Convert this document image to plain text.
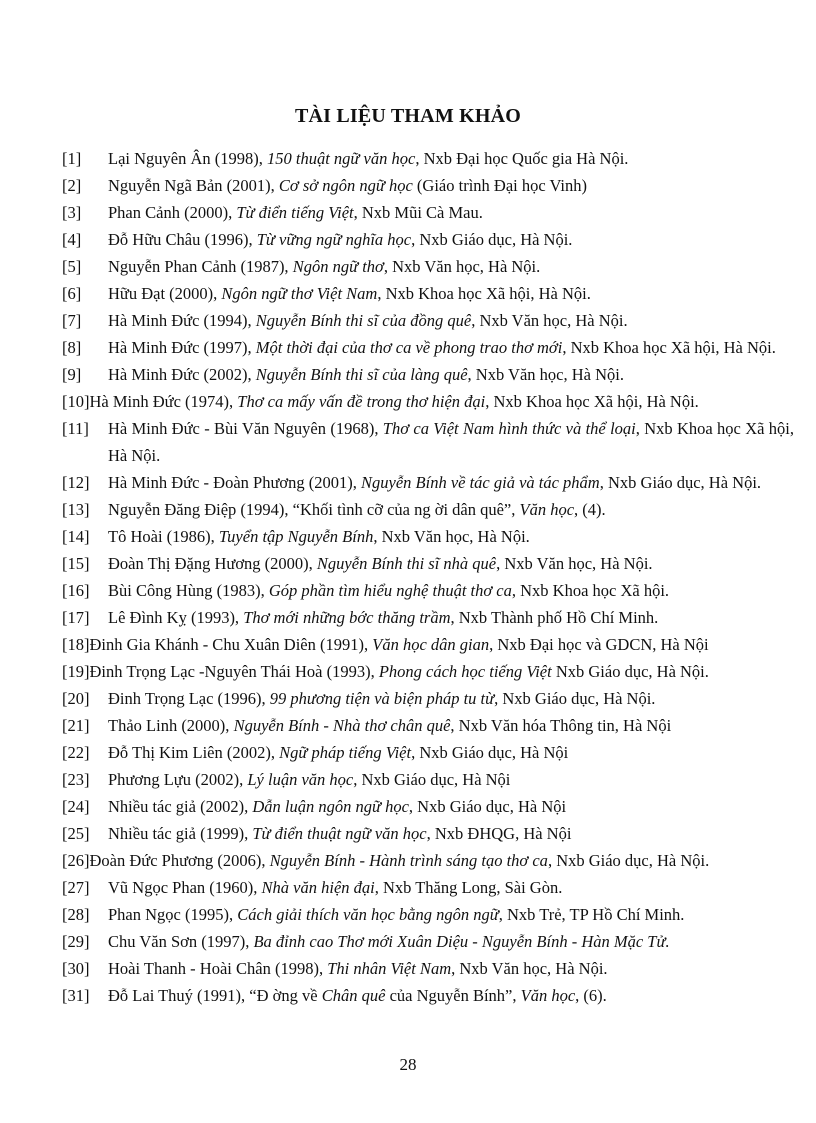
TÀI LIỆU THAM KHẢO
[1]	Lại Nguyên Ân (1998), 150 thuật ngữ văn học, Nxb Đại học Quốc gia Hà Nội.
[2]	Nguyễn Ngã Bản (2001), Cơ sở ngôn ngữ học (Giáo trình Đại học Vinh)
[3]	Phan Cảnh (2000), Từ điển tiếng Việt, Nxb Mũi Cà Mau.
[4]	Đỗ Hữu Châu (1996), Từ vững ngữ nghĩa học, Nxb Giáo dục, Hà Nội.
[5]	Nguyễn Phan Cảnh (1987), Ngôn ngữ thơ, Nxb Văn học, Hà Nội.
[6]	Hữu Đạt (2000), Ngôn ngữ thơ Việt Nam, Nxb Khoa học Xã hội, Hà Nội.
[7]	Hà Minh Đức (1994), Nguyễn Bính thi sĩ của đồng quê, Nxb Văn học, Hà Nội.
[8]	Hà Minh Đức (1997), Một thời đại của thơ ca về phong trao thơ mới, Nxb Khoa học Xã hội, Hà Nội.
[9]	Hà Minh Đức (2002), Nguyễn Bính thi sĩ của làng quê, Nxb Văn học, Hà Nội.
[10] Hà Minh Đức (1974), Thơ ca mấy vấn đề trong thơ hiện đại, Nxb Khoa học Xã hội, Hà Nội.
[11]	Hà Minh Đức - Bùi Văn Nguyên (1968), Thơ ca Việt Nam hình thức và thể loại, Nxb Khoa học Xã hội, Hà Nội.
[12]	Hà Minh Đức - Đoàn Phương (2001), Nguyễn Bính về tác giả và tác phẩm, Nxb Giáo dục, Hà Nội.
[13]	Nguyễn Đăng Điệp (1994), “Khối tình cỡ của ng ời dân quê”, Văn học, (4).
[14]	Tô Hoài (1986), Tuyển tập Nguyễn Bính, Nxb Văn học, Hà Nội.
[15]	Đoàn Thị Đặng Hương (2000), Nguyễn Bính thi sĩ nhà quê, Nxb Văn học, Hà Nội.
[16]	Bùi Công Hùng (1983), Góp phần tìm hiểu nghệ thuật thơ ca, Nxb Khoa học Xã hội.
[17]	Lê Đình Kỵ (1993), Thơ mới những bớc thăng trầm, Nxb Thành phố Hồ Chí Minh.
[18] Đinh Gia Khánh - Chu Xuân Diên (1991), Văn học dân gian, Nxb Đại học và GDCN, Hà Nội
[19] Đinh Trọng Lạc -Nguyên Thái Hoà (1993), Phong cách học tiếng Việt Nxb Giáo dục, Hà Nội.
[20]	Đinh Trọng Lạc (1996), 99 phương tiện và biện pháp tu từ, Nxb Giáo dục, Hà Nội.
[21]	Thảo Linh (2000), Nguyễn Bính - Nhà thơ chân quê, Nxb Văn hóa Thông tin, Hà Nội
[22]	Đỗ Thị Kim Liên (2002), Ngữ pháp tiếng Việt, Nxb Giáo dục, Hà Nội
[23]	Phương Lựu (2002), Lý luận văn học, Nxb Giáo dục, Hà Nội
[24]	Nhiều tác giả (2002), Dẫn luận ngôn ngữ học, Nxb Giáo dục, Hà Nội
[25]	Nhiều tác giả (1999), Từ điển thuật ngữ văn học, Nxb ĐHQG, Hà Nội
[26] Đoàn Đức Phương (2006), Nguyễn Bính - Hành trình sáng tạo thơ ca, Nxb Giáo dục, Hà Nội.
[27]	Vũ Ngọc Phan (1960), Nhà văn hiện đại, Nxb Thăng Long, Sài Gòn.
[28]	Phan Ngọc (1995), Cách giải thích văn học bằng ngôn ngữ, Nxb Trẻ, TP Hồ Chí Minh.
[29]	Chu Văn Sơn (1997), Ba đỉnh cao Thơ mới Xuân Diệu - Nguyễn Bính - Hàn Mặc Tử.
[30]	Hoài Thanh - Hoài Chân (1998), Thi nhân Việt Nam, Nxb Văn học, Hà Nội.
[31]	Đỗ Lai Thuý (1991), “Đ ờng về Chân quê của Nguyễn Bính”, Văn học, (6).
28
